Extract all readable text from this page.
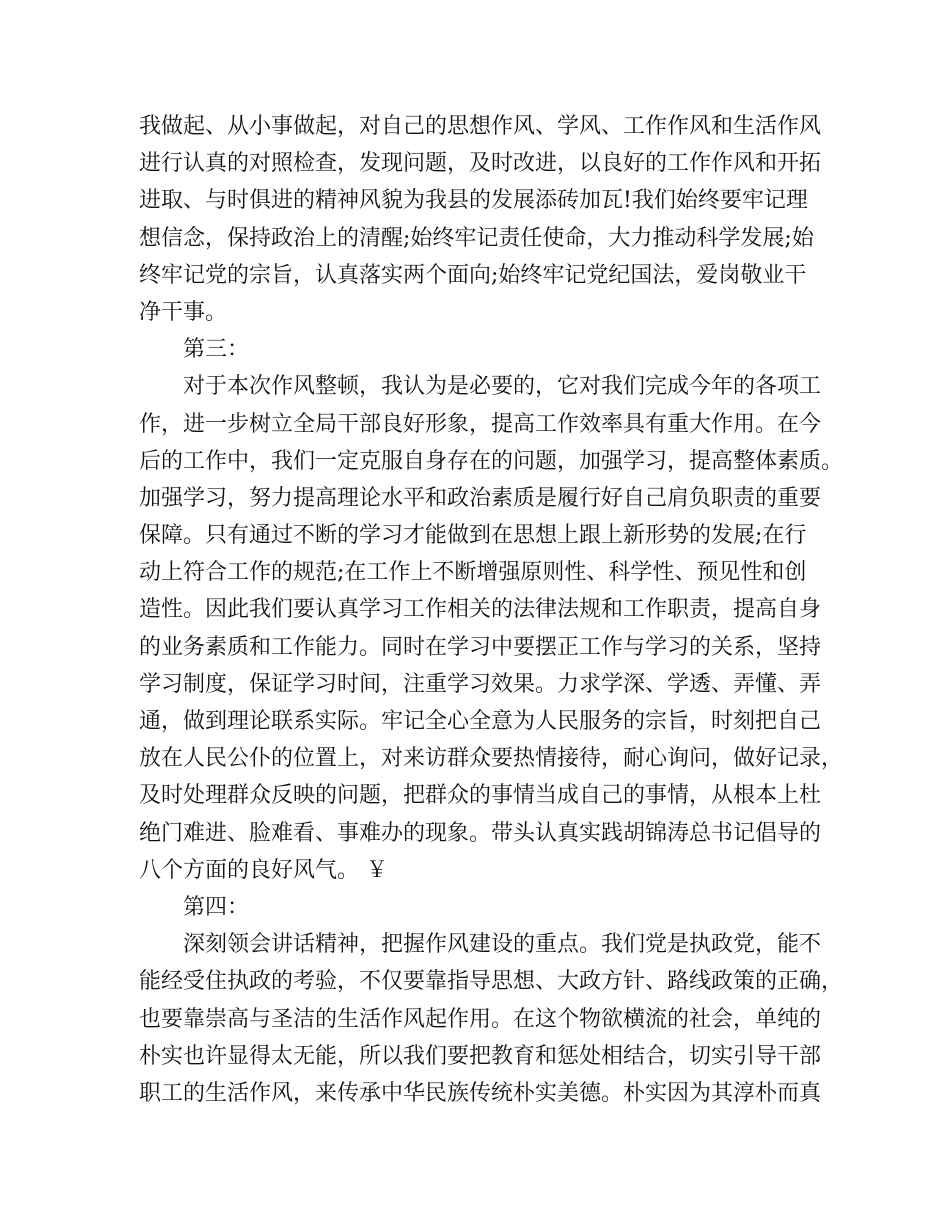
我做起、从小事做起，对自己的思想作风、学风、工作作风和生活作风
进行认真的对照检查，发现问题，及时改进，以良好的工作作风和开拓
进取、与时俱进的精神风貌为我县的发展添砖加瓦!我们始终要牢记理
想信念，保持政治上的清醒;始终牢记责任使命，大力推动科学发展;始
终牢记党的宗旨，认真落实两个面向;始终牢记党纪国法，爱岗敬业干
净干事。
第三：
对于本次作风整顿，我认为是必要的，它对我们完成今年的各项工
作，进一步树立全局干部良好形象，提高工作效率具有重大作用。在今
后的工作中，我们一定克服自身存在的问题，加强学习，提高整体素质。
加强学习，努力提高理论水平和政治素质是履行好自己肩负职责的重要
保障。只有通过不断的学习才能做到在思想上跟上新形势的发展;在行
动上符合工作的规范;在工作上不断增强原则性、科学性、预见性和创
造性。因此我们要认真学习工作相关的法律法规和工作职责，提高自身
的业务素质和工作能力。同时在学习中要摆正工作与学习的关系，坚持
学习制度，保证学习时间，注重学习效果。力求学深、学透、弄懂、弄
通，做到理论联系实际。牢记全心全意为人民服务的宗旨，时刻把自己
放在人民公仆的位置上，对来访群众要热情接待，耐心询问，做好记录，
及时处理群众反映的问题，把群众的事情当成自己的事情，从根本上杜
绝门难进、脸难看、事难办的现象。带头认真实践胡锦涛总书记倡导的
八个方面的良好风气。 ￥
第四：
深刻领会讲话精神，把握作风建设的重点。我们党是执政党，能不
能经受住执政的考验，不仅要靠指导思想、大政方针、路线政策的正确，
也要靠崇高与圣洁的生活作风起作用。在这个物欲横流的社会，单纯的
朴实也许显得太无能，所以我们要把教育和惩处相结合，切实引导干部
职工的生活作风，来传承中华民族传统朴实美德。朴实因为其淳朴而真
